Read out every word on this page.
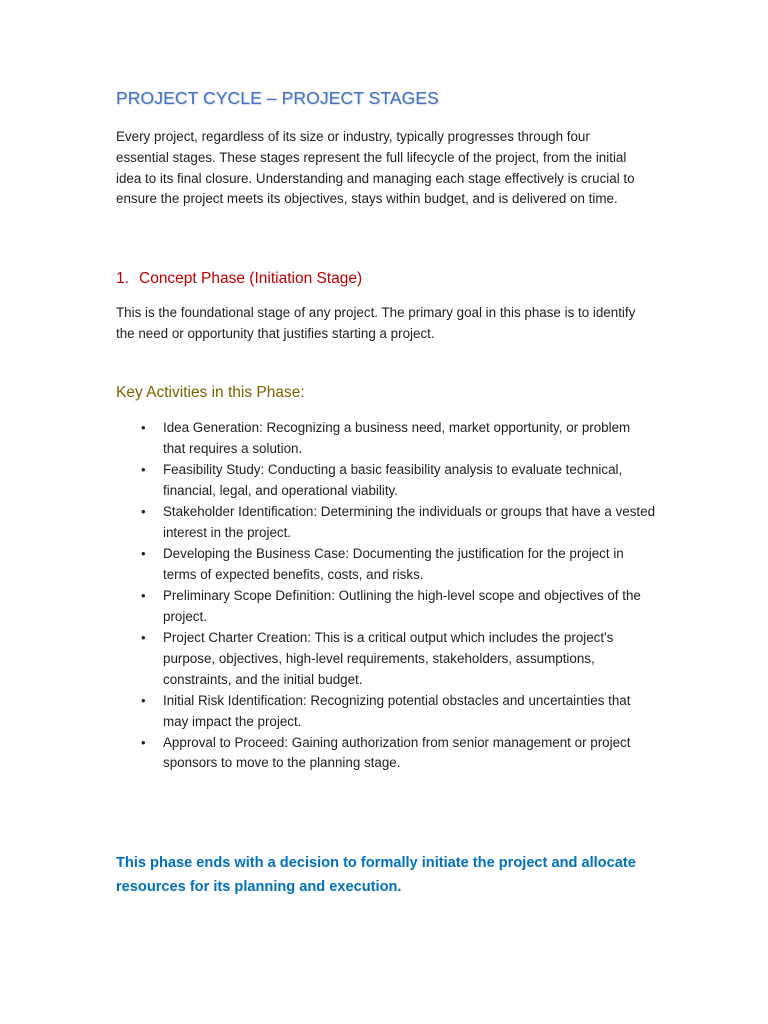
PROJECT CYCLE – PROJECT STAGES

Every project, regardless of its size or industry, typically progresses through four essential stages. These stages represent the full lifecycle of the project, from the initial idea to its final closure. Understanding and managing each stage effectively is crucial to ensure the project meets its objectives, stays within budget, and is delivered on time.

1. Concept Phase (Initiation Stage)

This is the foundational stage of any project. The primary goal in this phase is to identify the need or opportunity that justifies starting a project.

Key Activities in this Phase:
• Idea Generation: Recognizing a business need, market opportunity, or problem that requires a solution.
• Feasibility Study: Conducting a basic feasibility analysis to evaluate technical, financial, legal, and operational viability.
• Stakeholder Identification: Determining the individuals or groups that have a vested interest in the project.
• Developing the Business Case: Documenting the justification for the project in terms of expected benefits, costs, and risks.
• Preliminary Scope Definition: Outlining the high-level scope and objectives of the project.
• Project Charter Creation: This is a critical output which includes the project's purpose, objectives, high-level requirements, stakeholders, assumptions, constraints, and the initial budget.
• Initial Risk Identification: Recognizing potential obstacles and uncertainties that may impact the project.
• Approval to Proceed: Gaining authorization from senior management or project sponsors to move to the planning stage.

This phase ends with a decision to formally initiate the project and allocate resources for its planning and execution.
